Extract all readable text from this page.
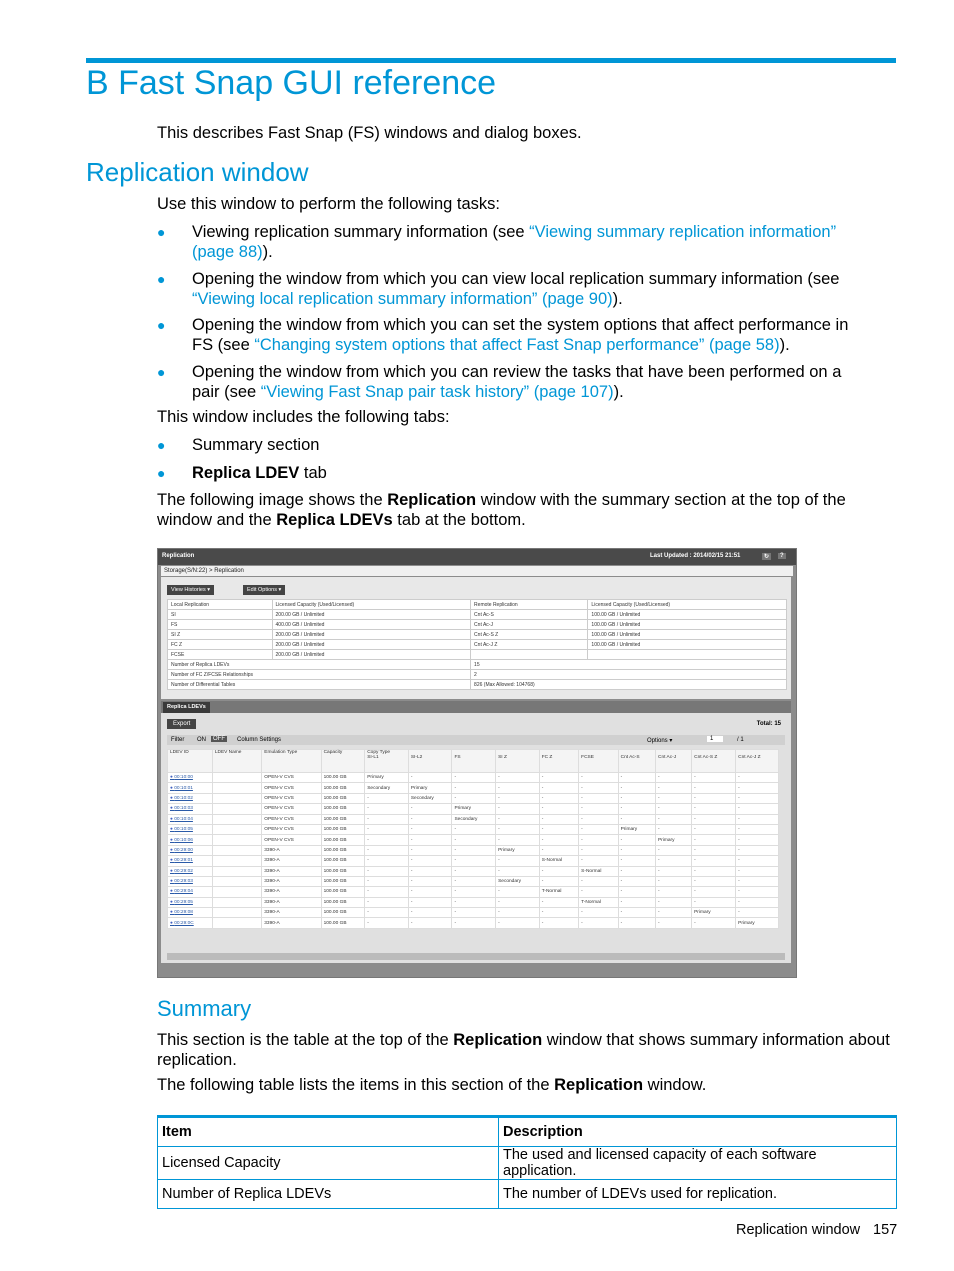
B Fast Snap GUI reference
This describes Fast Snap (FS) windows and dialog boxes.
Replication window
Use this window to perform the following tasks:
● Viewing replication summary information (see “Viewing summary replication information”
(page 88)).
● Opening the window from which you can view local replication summary information (see
“Viewing local replication summary information” (page 90)).
● Opening the window from which you can set the system options that affect performance in
FS (see “Changing system options that affect Fast Snap performance” (page 58)).
● Opening the window from which you can review the tasks that have been performed on a
pair (see “Viewing Fast Snap pair task history” (page 107)).
This window includes the following tabs:
● Summary section
● Replica LDEV tab
The following image shows the Replication window with the summary section at the top of the
window and the Replica LDEVs tab at the bottom.
Replication	Last Updated : 2014/02/15 21:51	↻	?
Storage(S/N:22) > Replication
View Histories ▾	Edit Options ▾
Local Replication	Licensed Capacity (Used/Licensed)	Remote Replication	Licensed Capacity (Used/Licensed)
SI	200.00 GB / Unlimited	Cnt Ac-S	100.00 GB / Unlimited
FS	400.00 GB / Unlimited	Cnt Ac-J	100.00 GB / Unlimited
SI Z	200.00 GB / Unlimited	Cnt Ac-S Z	100.00 GB / Unlimited
FC Z	200.00 GB / Unlimited	Cnt Ac-J Z	100.00 GB / Unlimited
FCSE	200.00 GB / Unlimited		
Number of Replica LDEVs		15	
Number of FC Z/FCSE Relationships		2	
Number of Differential Tables		826 (Max Allowed: 104768)	
Replica LDEVs
Export	Total: 15
Filter ON	OFF	Column Settings	Options ▾	1	/ 1
LDEV ID	LDEV Name	Emulation Type	Capacity	Copy Type
SI-L1	SI-L2	FS	SI Z	FC Z	FCSE	Cnt Ac-S	Cnt Ac-J	Cnt Ac-S Z	Cnt Ac-J Z
● 00:10:00		OPEN-V CVS	100.00 GB	Primary	-	-	-	-	-	-	-	-	-
● 00:10:01		OPEN-V CVS	100.00 GB	Secondary	Primary	-	-	-	-	-	-	-	-
● 00:10:02		OPEN-V CVS	100.00 GB	-	Secondary	-	-	-	-	-	-	-	-
● 00:10:03		OPEN-V CVS	100.00 GB	-	-	Primary	-	-	-	-	-	-	-
● 00:10:04		OPEN-V CVS	100.00 GB	-	-	Secondary	-	-	-	-	-	-	-
● 00:10:05		OPEN-V CVS	100.00 GB	-	-	-	-	-	-	Primary	-	-	-
● 00:10:06		OPEN-V CVS	100.00 GB	-	-	-	-	-	-	-	Primary	-	-
● 00:29:00		3390-A	100.00 GB	-	-	-	Primary	-	-	-	-	-	-
● 00:29:01		3390-A	100.00 GB	-	-	-	-	S-Normal	-	-	-	-	-
● 00:29:02		3390-A	100.00 GB	-	-	-	-	-	S-Normal	-	-	-	-
● 00:29:03		3390-A	100.00 GB	-	-	-	Secondary	-	-	-	-	-	-
● 00:29:04		3390-A	100.00 GB	-	-	-	-	T-Normal	-	-	-	-	-
● 00:29:05		3390-A	100.00 GB	-	-	-	-	-	T-Normal	-	-	-	-
● 00:29:08		3390-A	100.00 GB	-	-	-	-	-	-	-	-	Primary	-
● 00:29:0C		3390-A	100.00 GB	-	-	-	-	-	-	-	-	-	Primary
Summary
This section is the table at the top of the Replication window that shows summary information about
replication.
The following table lists the items in this section of the Replication window.
Item	Description
Licensed Capacity	The used and licensed capacity of each software application.
Number of Replica LDEVs	The number of LDEVs used for replication.
Replication window 157
